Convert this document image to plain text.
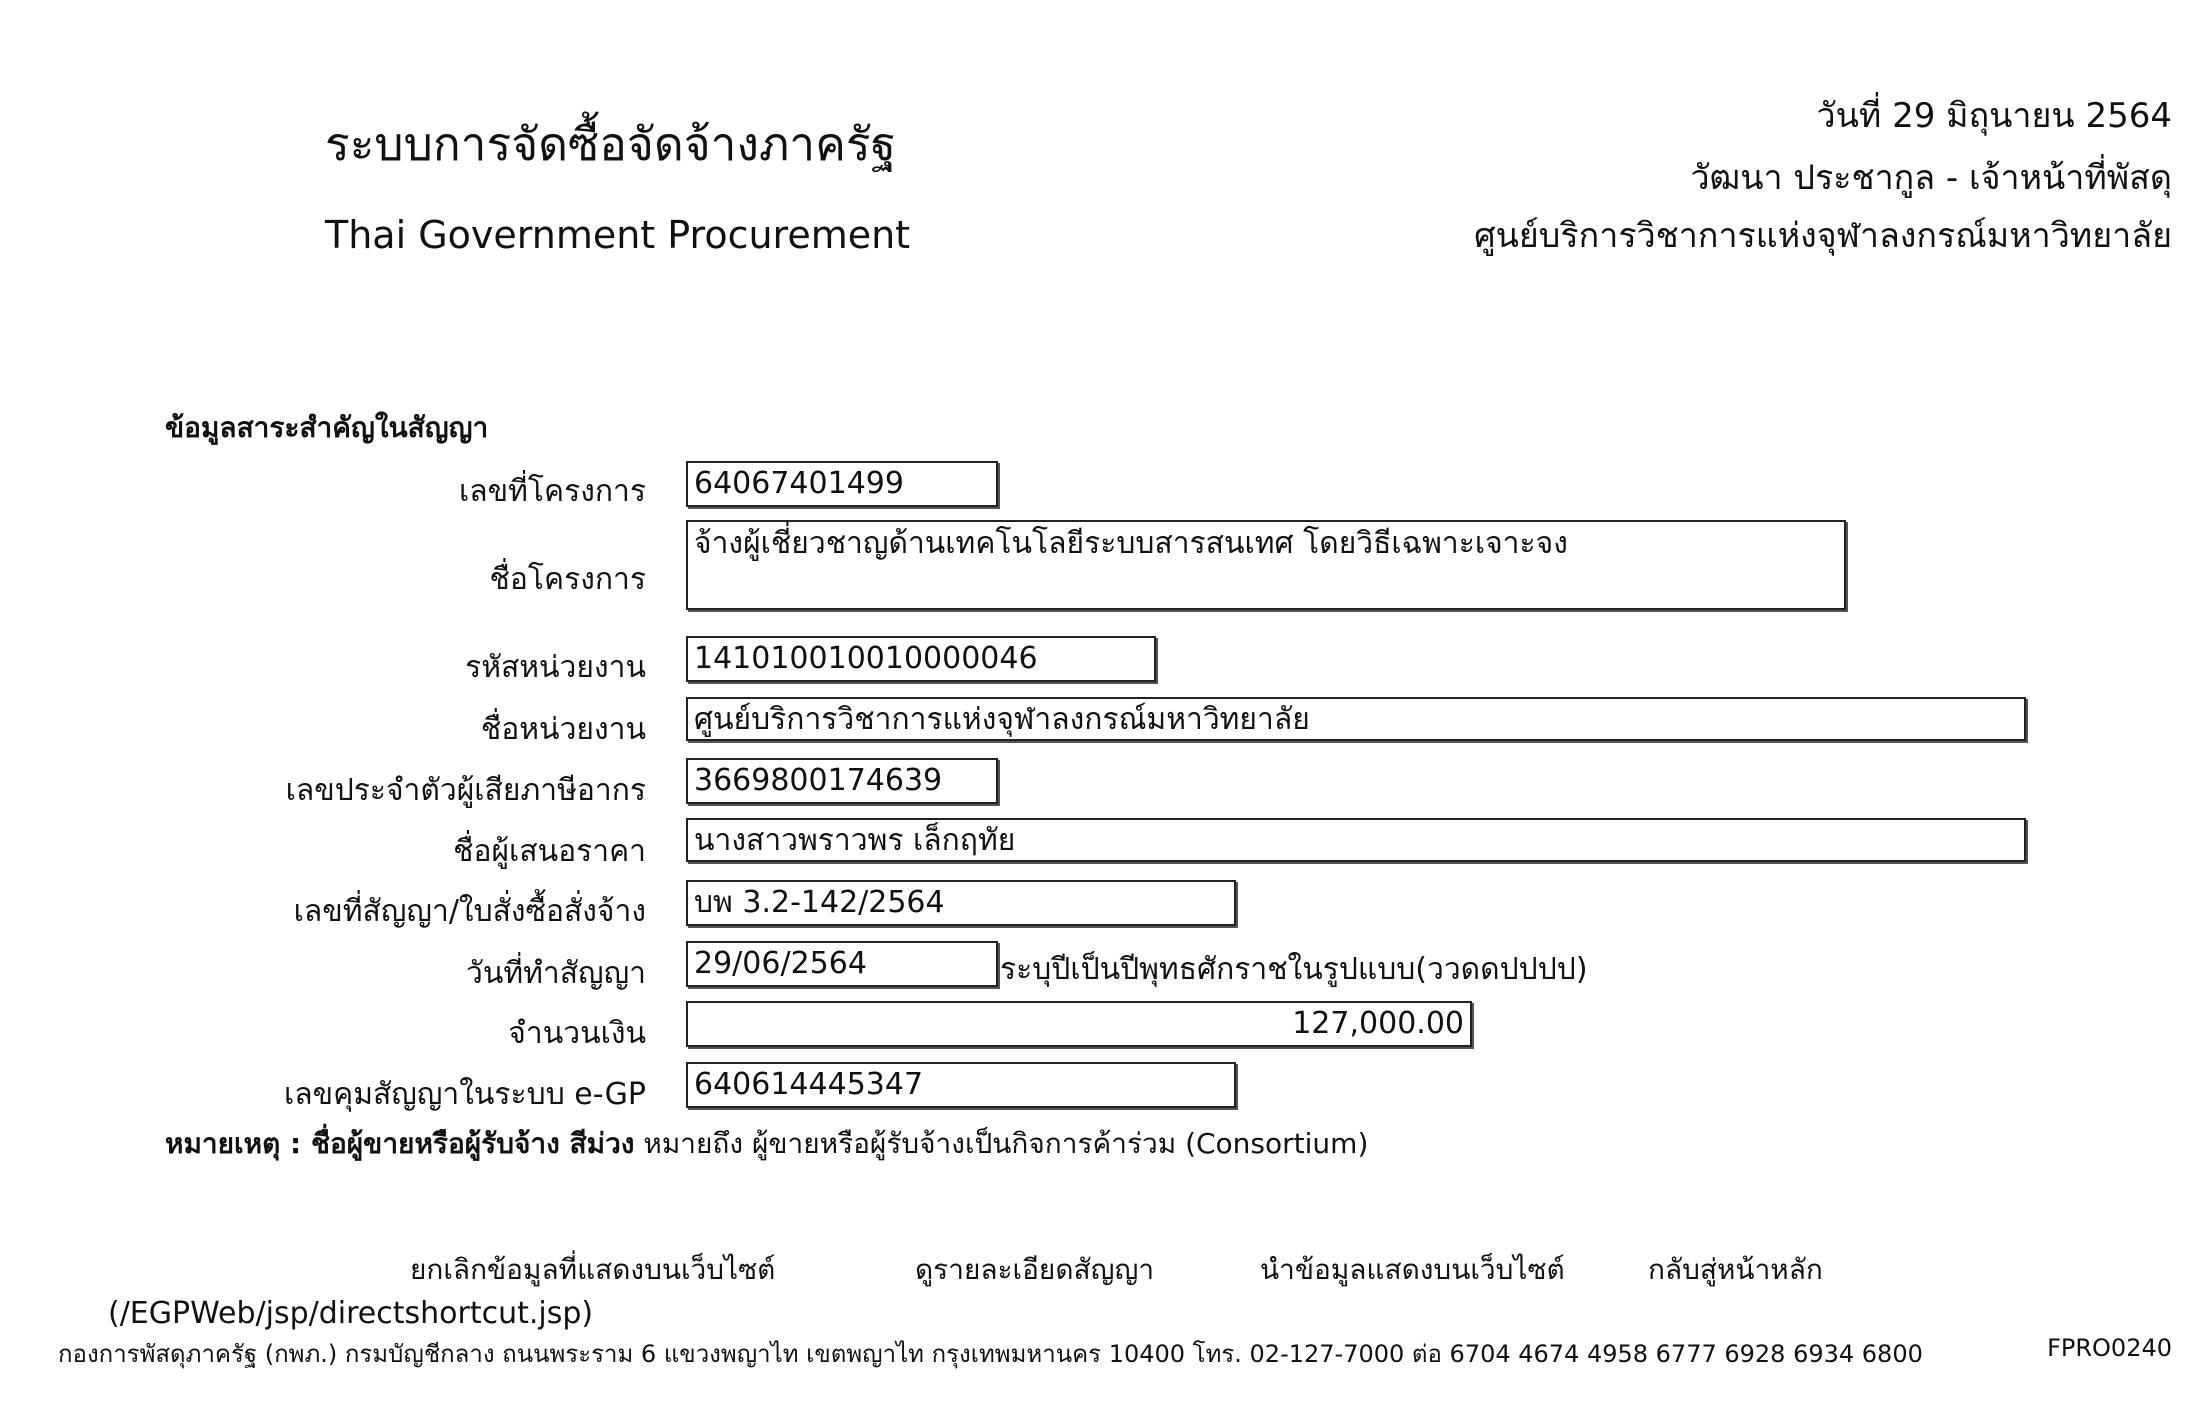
ระบบการจัดซื้อจัดจ้างภาครัฐ
Thai Government Procurement
วันที่ 29 มิถุนายน 2564
วัฒนา ประชากูล - เจ้าหน้าที่พัสดุ
ศูนย์บริการวิชาการแห่งจุฬาลงกรณ์มหาวิทยาลัย
ข้อมูลสาระสำคัญในสัญญา
เลขที่โครงการ 64067401499
ชื่อโครงการ
จ้างผู้เชี่ยวชาญด้านเทคโนโลยีระบบสารสนเทศ โดยวิธีเฉพาะเจาะจง
รหัสหน่วยงาน 141010010010000046
ชื่อหน่วยงาน ศูนย์บริการวิชาการแห่งจุฬาลงกรณ์มหาวิทยาลัย
เลขประจำตัวผู้เสียภาษีอากร 3669800174639
ชื่อผู้เสนอราคา นางสาวพราวพร เล็กฤทัย
เลขที่สัญญา/ใบสั่งซื้อสั่งจ้าง บพ 3.2-142/2564
วันที่ทำสัญญา 29/06/2564	ระบุปีเป็นปีพุทธศักราชในรูปแบบ(ววดดปปปป)
จำนวนเงิน	127,000.00
เลขคุมสัญญาในระบบ e-GP 640614445347
หมายเหตุ : ชื่อผู้ขายหรือผู้รับจ้าง สีม่วง หมายถึง ผู้ขายหรือผู้รับจ้างเป็นกิจการค้าร่วม (Consortium)
ยกเลิกข้อมูลที่แสดงบนเว็บไซต์	ดูรายละเอียดสัญญา	นำข้อมูลแสดงบนเว็บไซต์	กลับสู่หน้าหลัก
(/EGPWeb/jsp/directshortcut.jsp)
กองการพัสดุภาครัฐ (กพภ.) กรมบัญชีกลาง ถนนพระราม 6 แขวงพญาไท เขตพญาไท กรุงเทพมหานคร 10400 โทร. 02-127-7000 ต่อ 6704 4674 4958 6777 6928 6934 6800	FPRO0240
